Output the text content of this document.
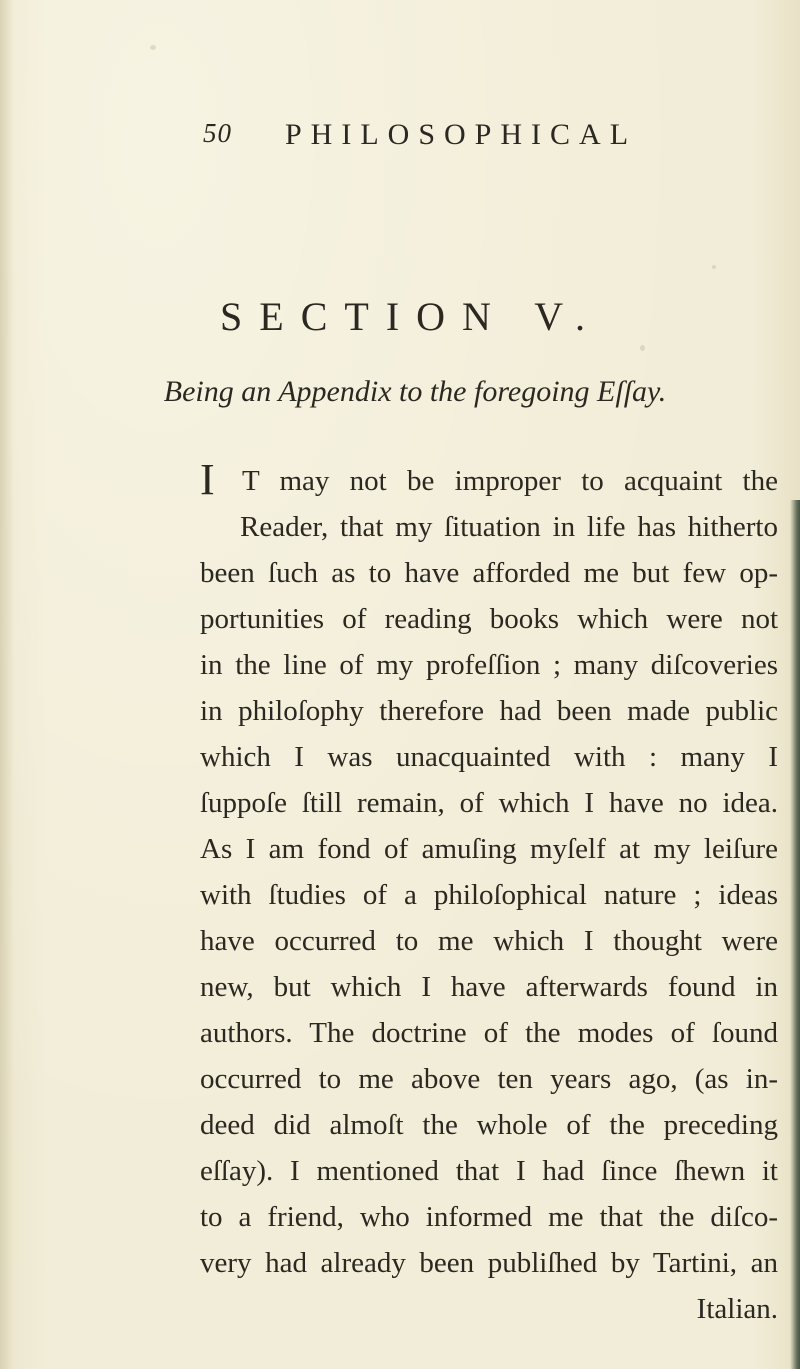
50 PHILOSOPHICAL
SECTION V.
Being an Appendix to the foregoing Eſſay.
I T may not be improper to acquaint the
Reader, that my ſituation in life has hitherto
been ſuch as to have afforded me but few op-
portunities of reading books which were not
in the line of my profeſſion ; many diſcoveries
in philoſophy therefore had been made public
which I was unacquainted with : many I
ſuppoſe ſtill remain, of which I have no idea.
As I am fond of amuſing myſelf at my leiſure
with ſtudies of a philoſophical nature ; ideas
have occurred to me which I thought were
new, but which I have afterwards found in
authors. The doctrine of the modes of ſound
occurred to me above ten years ago, (as in-
deed did almoſt the whole of the preceding
eſſay). I mentioned that I had ſince ſhewn it
to a friend, who informed me that the diſco-
very had already been publiſhed by Tartini, an
Italian.
